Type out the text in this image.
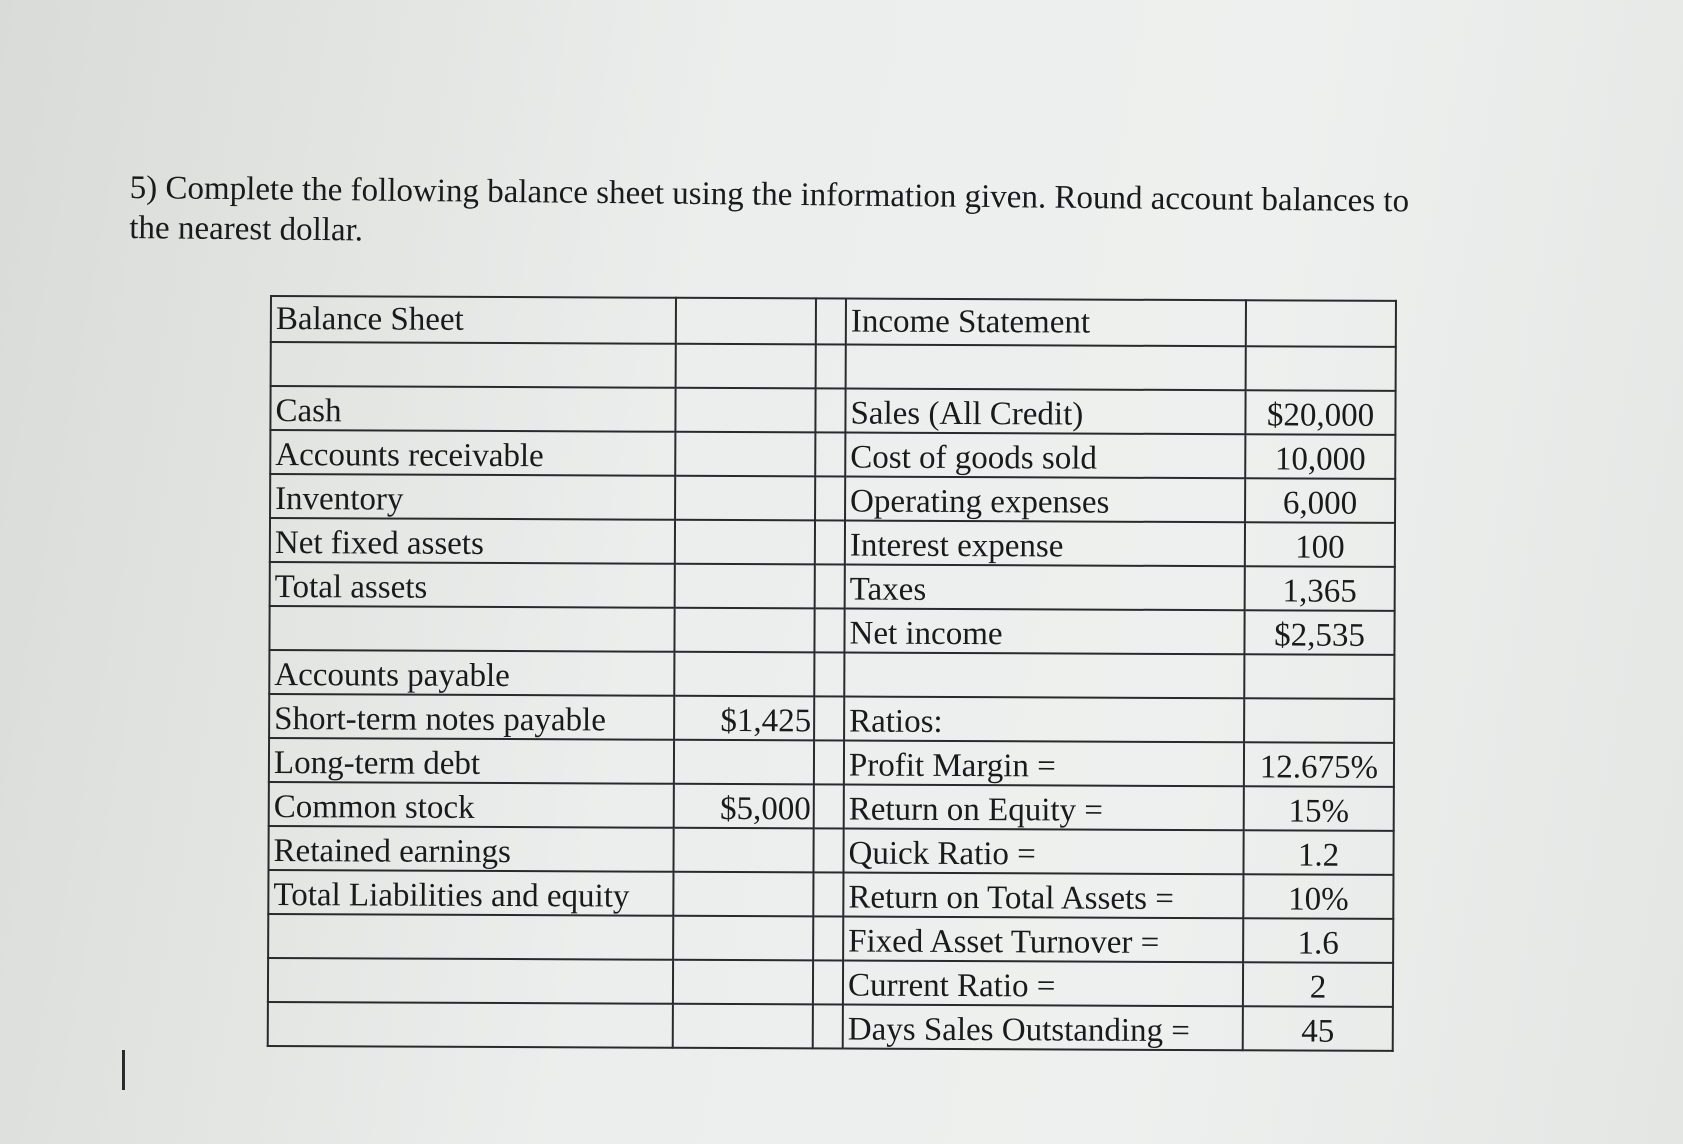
5) Complete the following balance sheet using the information given. Round account balances to
the nearest dollar.
Balance Sheet			Income Statement	

Cash			Sales (All Credit)	$20,000
Accounts receivable			Cost of goods sold	10,000
Inventory			Operating expenses	6,000
Net fixed assets			Interest expense	100
Total assets			Taxes	1,365
			Net income	$2,535
Accounts payable				
Short-term notes payable	$1,425		Ratios:	
Long-term debt			Profit Margin =	12.675%
Common stock	$5,000		Return on Equity =	15%
Retained earnings			Quick Ratio =	1.2
Total Liabilities and equity			Return on Total Assets =	10%
			Fixed Asset Turnover =	1.6
			Current Ratio =	2
			Days Sales Outstanding =	45
